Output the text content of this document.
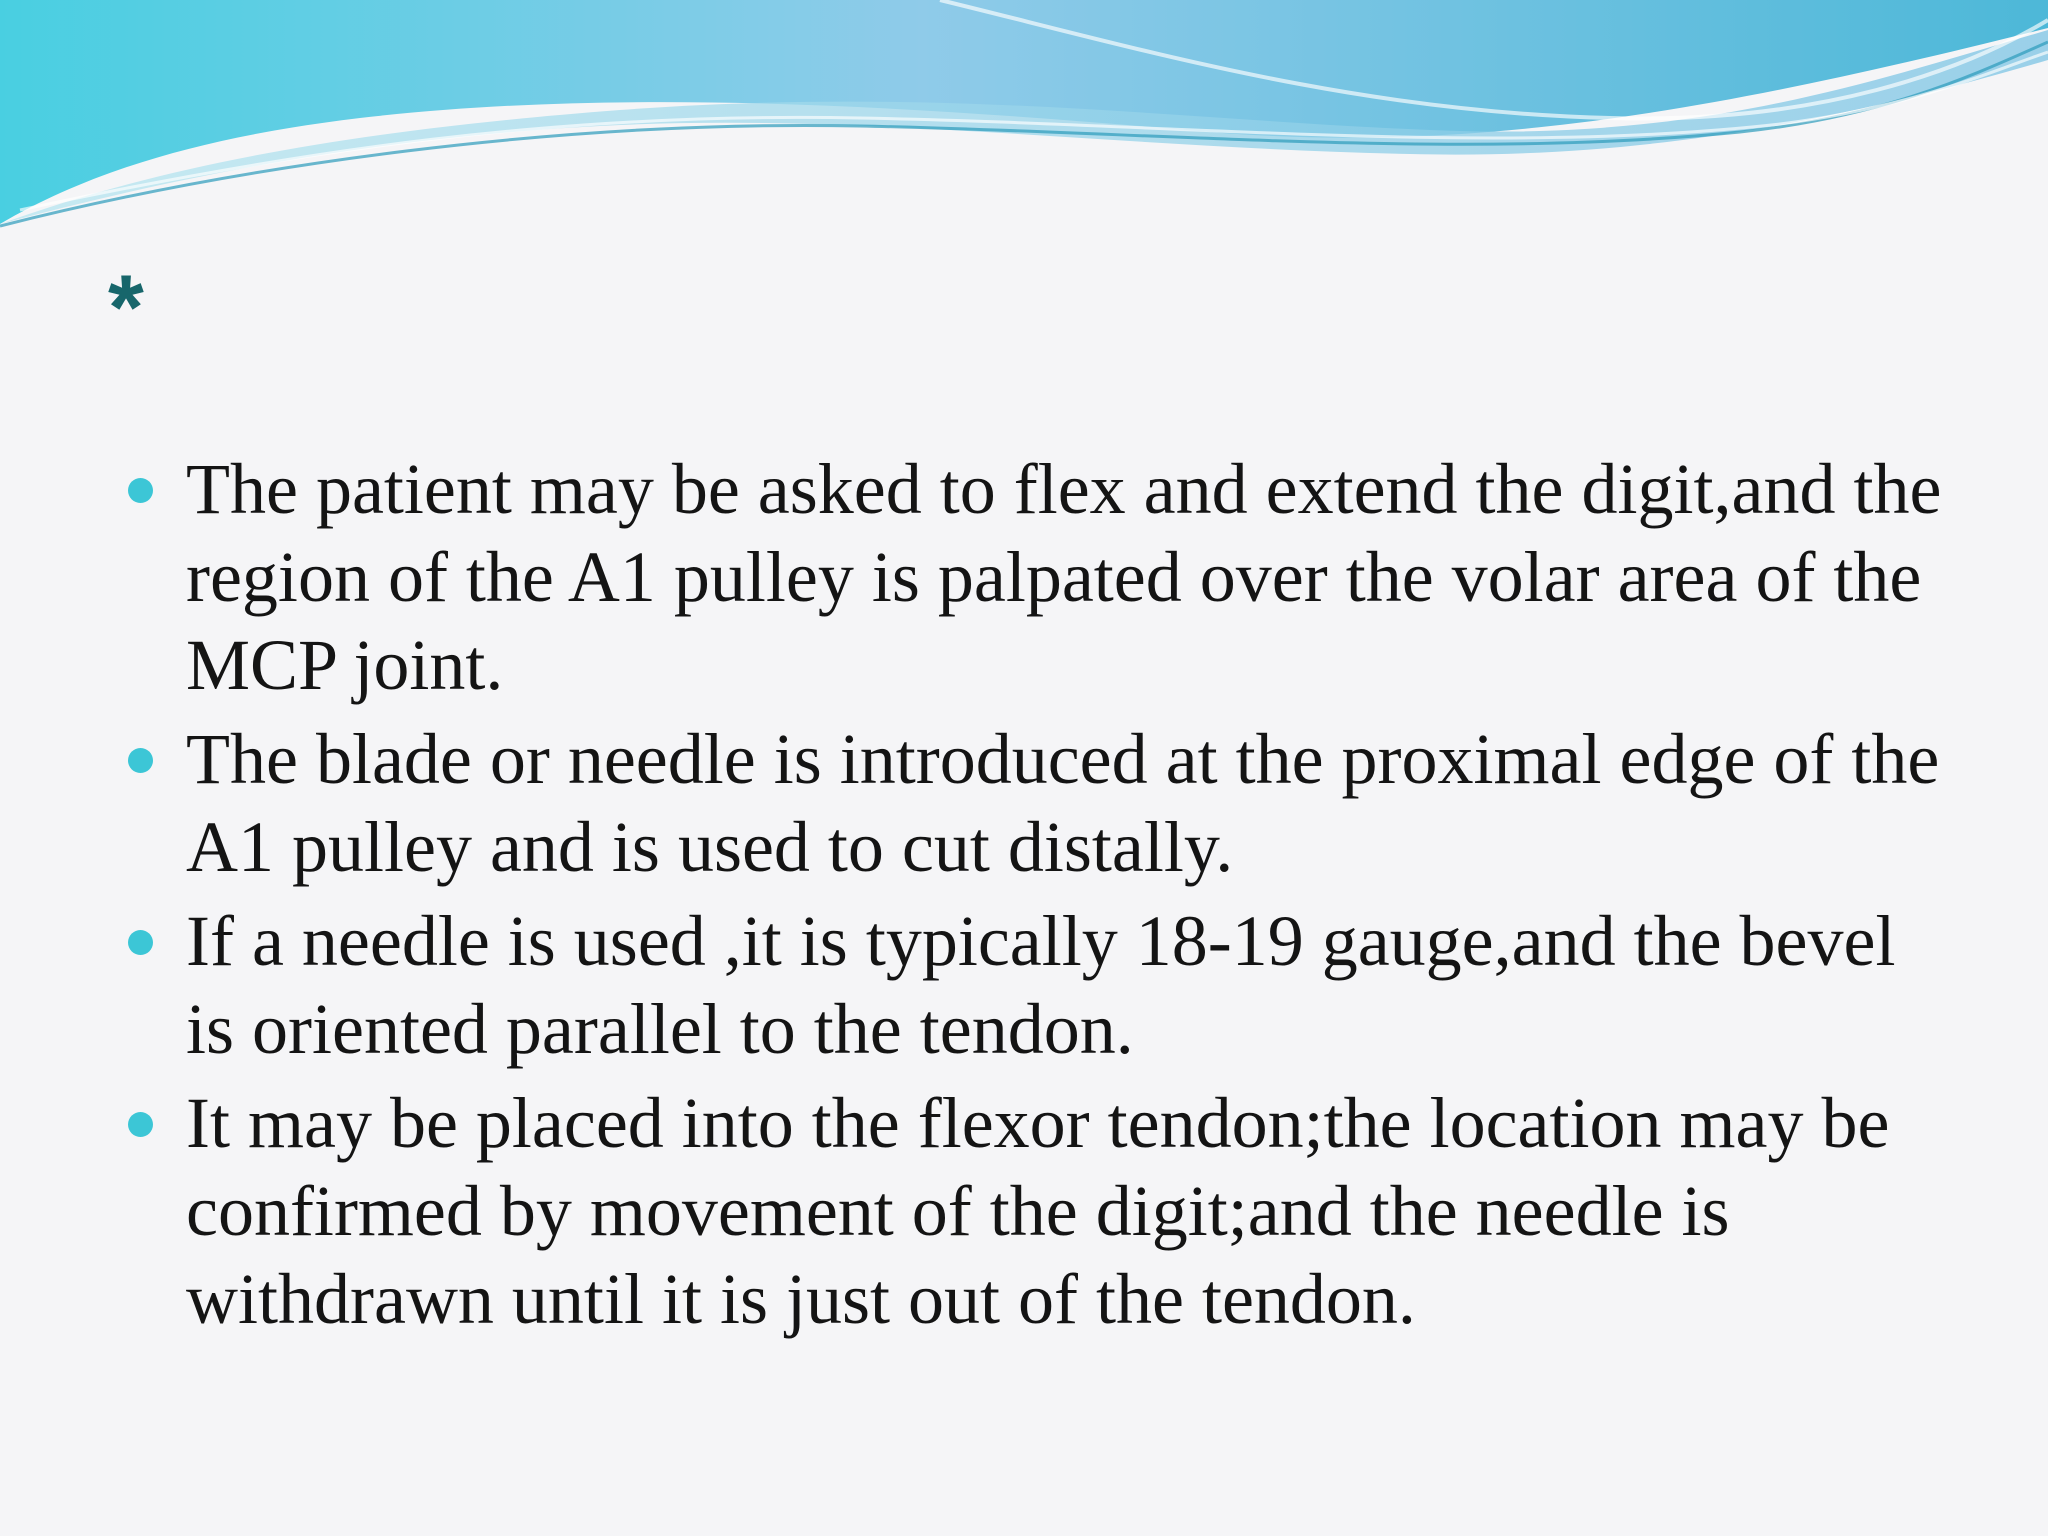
*
The patient may be asked to flex and extend the digit,and the region of the A1 pulley is palpated over the volar area of the MCP joint.
The blade or needle is introduced at the proximal edge of the A1 pulley and is used to cut distally.
If a needle is used ,it is typically 18-19 gauge,and the bevel is oriented parallel to the tendon.
It may be placed into the flexor tendon;the location may be confirmed by movement of the digit;and the needle is withdrawn until it is just out of the tendon.
